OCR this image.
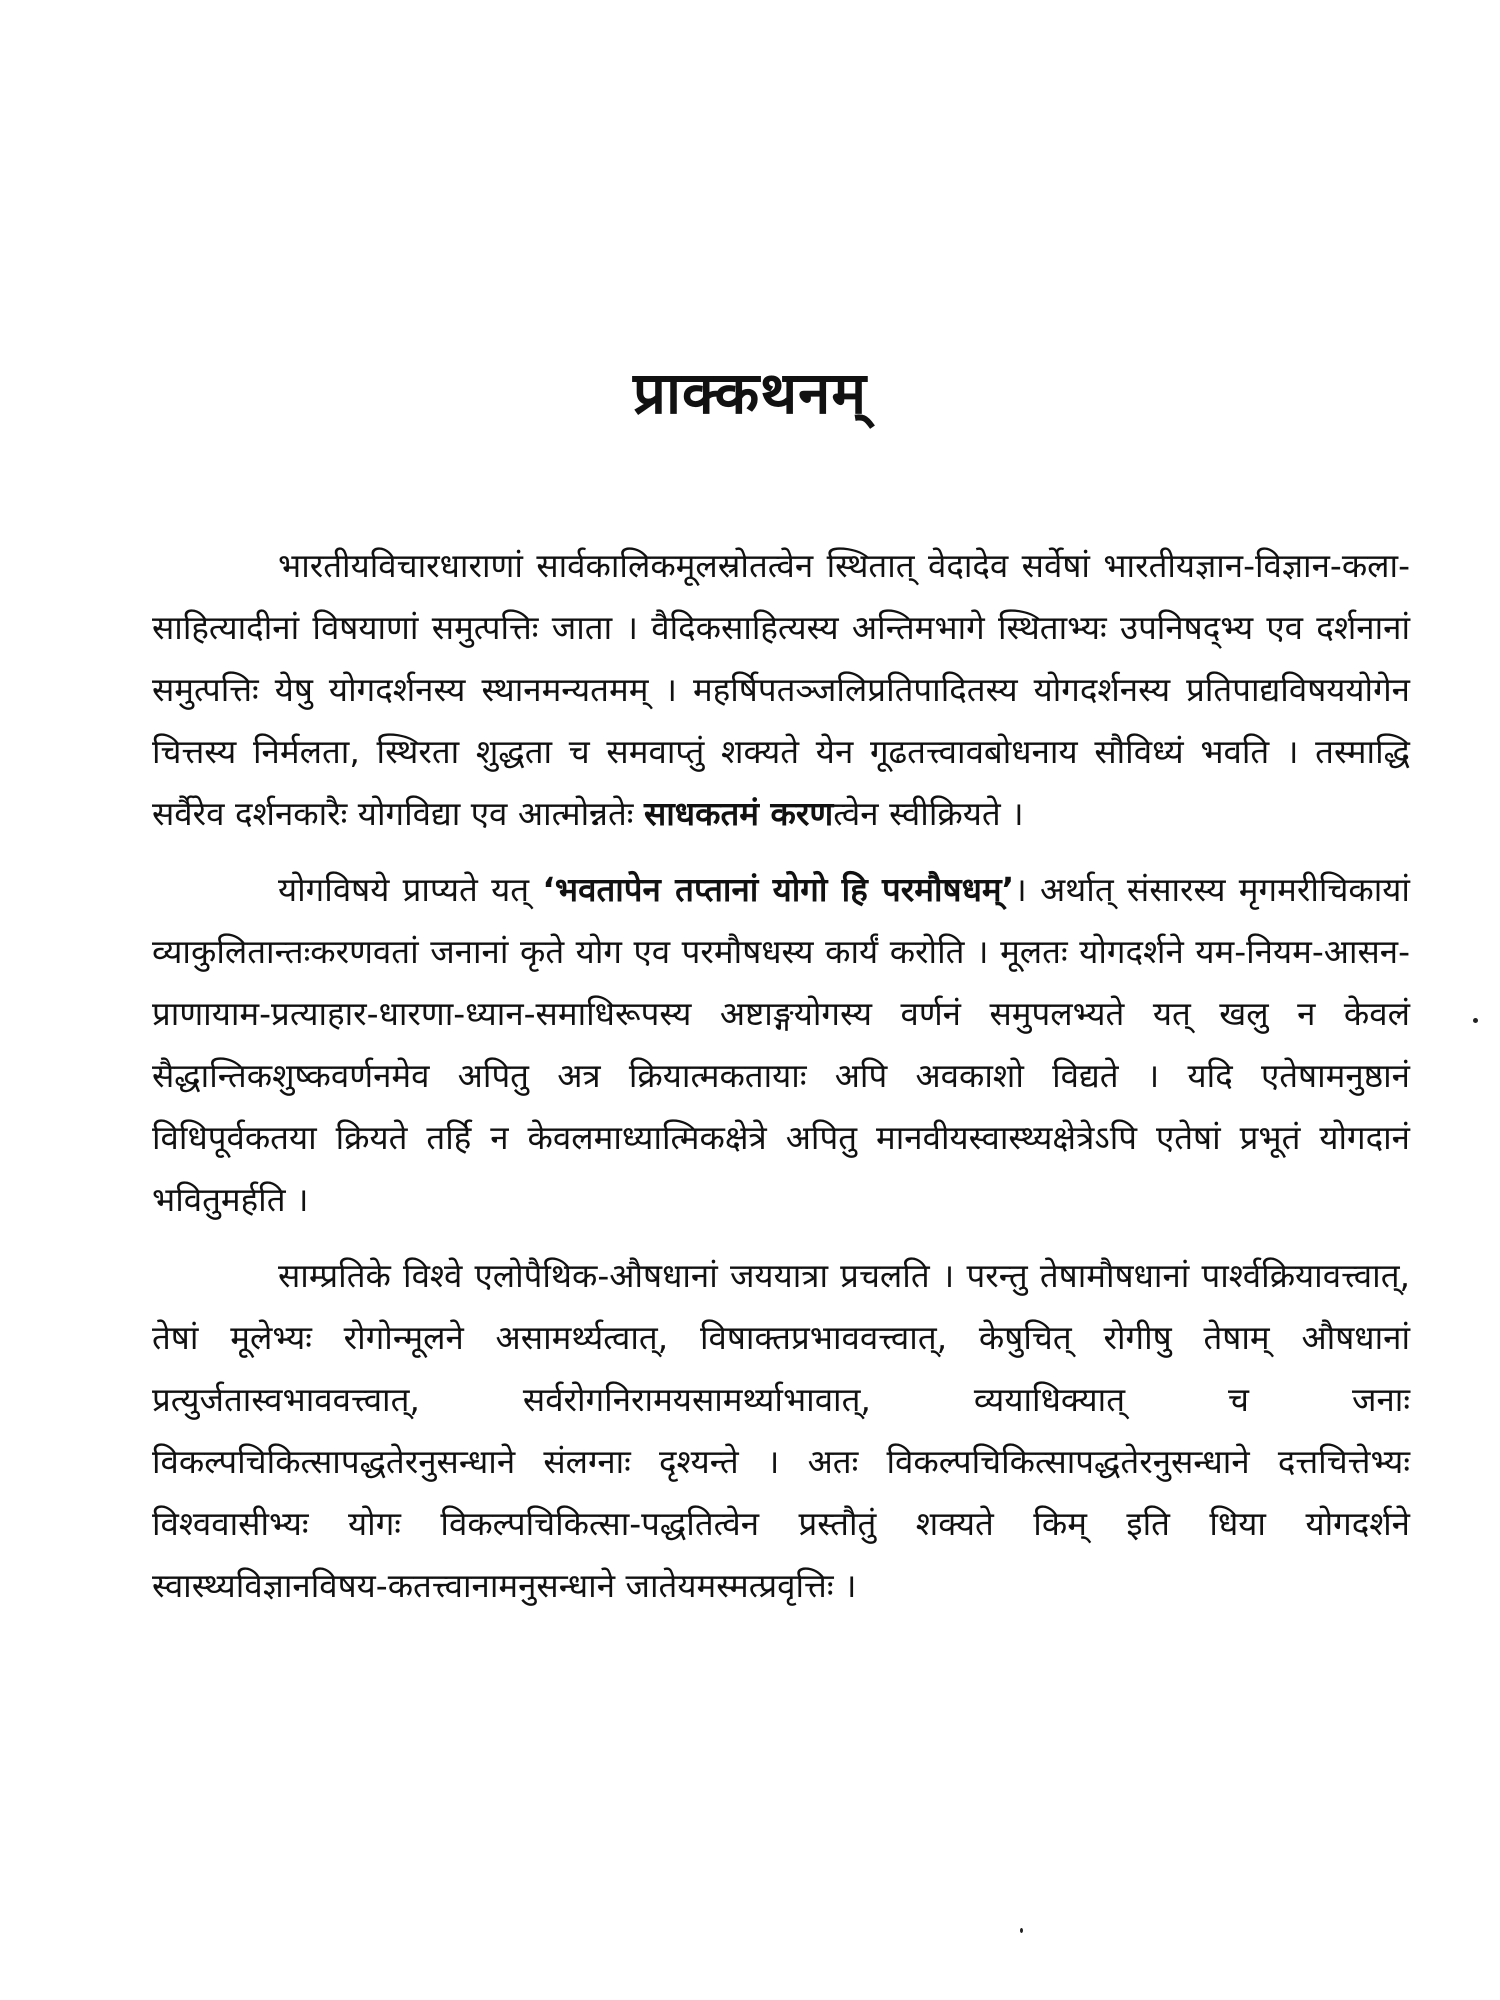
प्राक्कथनम्

भारतीयविचारधाराणां सार्वकालिकमूलस्रोतत्वेन स्थितात् वेदादेव सर्वेषां भारतीयज्ञान-विज्ञान-कला-साहित्यादीनां विषयाणां समुत्पत्तिः जाता । वैदिकसाहित्यस्य अन्तिमभागे स्थिताभ्यः उपनिषद्भ्य एव दर्शनानां समुत्पत्तिः येषु योगदर्शनस्य स्थानमन्यतमम् । महर्षिपतञ्जलिप्रतिपादितस्य योगदर्शनस्य प्रतिपाद्यविषययोगेन चित्तस्य निर्मलता, स्थिरता शुद्धता च समवाप्तुं शक्यते येन गूढतत्त्वावबोधनाय सौविध्यं भवति । तस्माद्धि सर्वैरेव दर्शनकारैः योगविद्या एव आत्मोन्नतेः साधकतमं करणत्वेन स्वीक्रियते ।

योगविषये प्राप्यते यत् ‘भवतापेन तप्तानां योगो हि परमौषधम्’। अर्थात् संसारस्य मृगमरीचिकायां व्याकुलितान्तःकरणवतां जनानां कृते योग एव परमौषधस्य कार्यं करोति । मूलतः योगदर्शने यम-नियम-आसन-प्राणायाम-प्रत्याहार-धारणा-ध्यान-समाधिरूपस्य अष्टाङ्गयोगस्य वर्णनं समुपलभ्यते यत् खलु न केवलं सैद्धान्तिकशुष्कवर्णनमेव अपितु अत्र क्रियात्मकतायाः अपि अवकाशो विद्यते । यदि एतेषामनुष्ठानं विधिपूर्वकतया क्रियते तर्हि न केवलमाध्यात्मिकक्षेत्रे अपितु मानवीयस्वास्थ्यक्षेत्रेऽपि एतेषां प्रभूतं योगदानं भवितुमर्हति ।

साम्प्रतिके विश्वे एलोपैथिक-औषधानां जययात्रा प्रचलति । परन्तु तेषामौषधानां पार्श्वक्रियावत्त्वात्, तेषां मूलेभ्यः रोगोन्मूलने असामर्थ्यत्वात्, विषाक्तप्रभाववत्त्वात्, केषुचित् रोगीषु तेषाम् औषधानां प्रत्युर्जतास्वभाववत्त्वात्, सर्वरोगनिरामयसामर्थ्याभावात्, व्ययाधिक्यात् च जनाः विकल्पचिकित्सापद्धतेरनुसन्धाने संलग्नाः दृश्यन्ते । अतः विकल्पचिकित्सापद्धतेरनुसन्धाने दत्तचित्तेभ्यः विश्ववासीभ्यः योगः विकल्पचिकित्सा-पद्धतित्वेन प्रस्तौतुं शक्यते किम् इति धिया योगदर्शने स्वास्थ्यविज्ञानविषय-कतत्त्वानामनुसन्धाने जातेयमस्मत्प्रवृत्तिः ।
